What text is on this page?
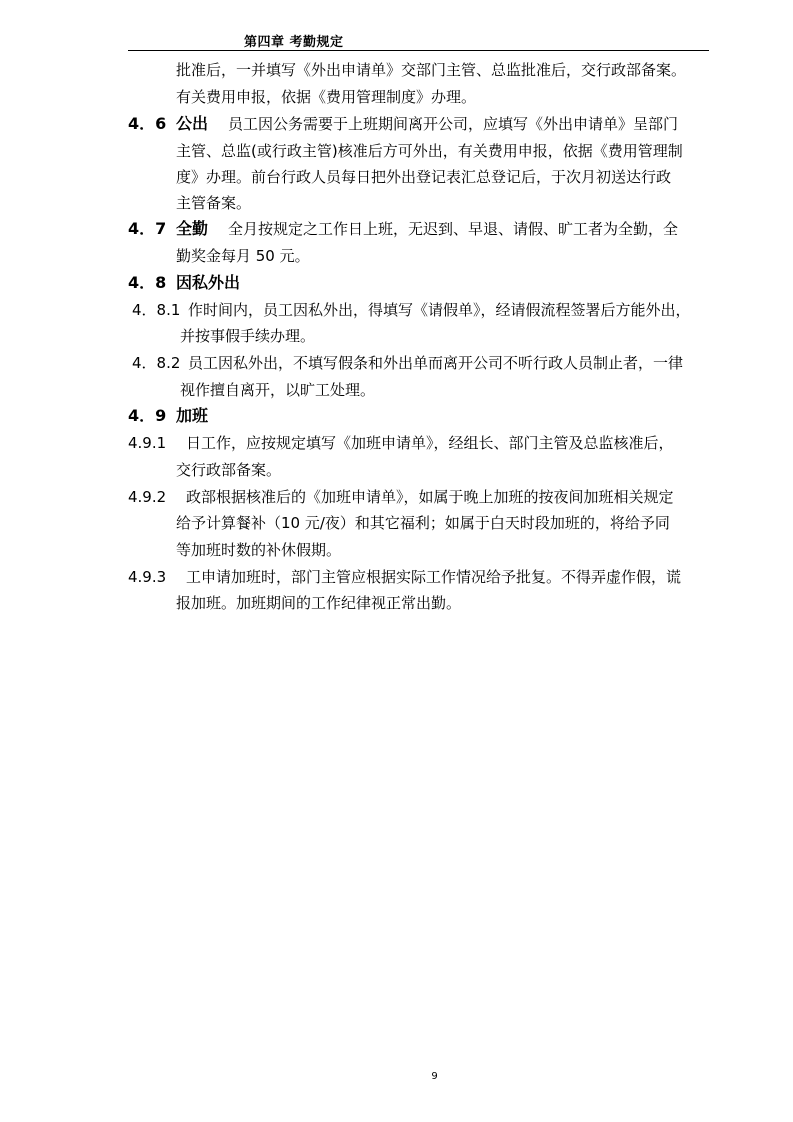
第四章 考勤规定
批准后，一并填写《外出申请单》交部门主管、总监批准后，交行政部备案。
有关费用申报，依据《费用管理制度》办理。
4．6 公出 员工因公务需要于上班期间离开公司，应填写《外出申请单》呈部门
主管、总监(或行政主管)核准后方可外出，有关费用申报，依据《费用管理制
度》办理。前台行政人员每日把外出登记表汇总登记后，于次月初送达行政
主管备案。
4．7 全勤 全月按规定之工作日上班，无迟到、早退、请假、旷工者为全勤，全
勤奖金每月 50 元。
4．8 因私外出
4．8.1 作时间内，员工因私外出，得填写《请假单》，经请假流程签署后方能外出，
并按事假手续办理。
4．8.2 员工因私外出，不填写假条和外出单而离开公司不听行政人员制止者，一律
视作擅自离开，以旷工处理。
4．9 加班
4.9.1 日工作，应按规定填写《加班申请单》，经组长、部门主管及总监核准后，
交行政部备案。
4.9.2 政部根据核准后的《加班申请单》，如属于晚上加班的按夜间加班相关规定
给予计算餐补（10 元/夜）和其它福利；如属于白天时段加班的，将给予同
等加班时数的补休假期。
4.9.3 工申请加班时，部门主管应根据实际工作情况给予批复。不得弄虚作假，谎
报加班。加班期间的工作纪律视正常出勤。
9
